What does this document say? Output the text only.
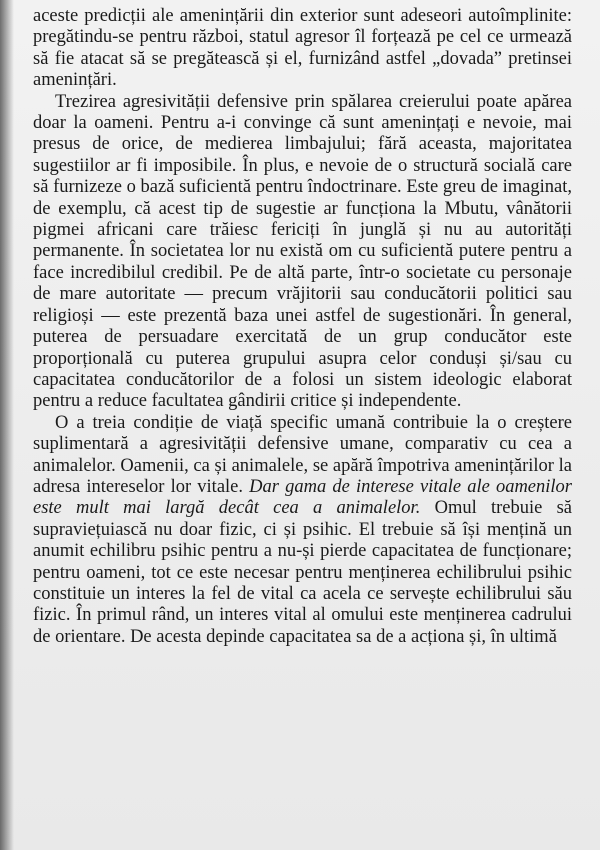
aceste predicții ale amenințării din exterior sunt adeseori autoîmplinite: pregătindu-se pentru război, statul agresor îl forțează pe cel ce urmează să fie atacat să se pregătească și el, furnizând astfel „dovada” pretinsei amenințări.

Trezirea agresivității defensive prin spălarea creierului poate apărea doar la oameni. Pentru a-i convinge că sunt amenințați e nevoie, mai presus de orice, de medierea limbajului; fără aceasta, majoritatea sugestiilor ar fi imposibile. În plus, e nevoie de o structură socială care să furnizeze o bază suficientă pentru îndoctrinare. Este greu de imaginat, de exemplu, că acest tip de sugestie ar funcționa la Mbutu, vânătorii pigmei africani care trăiesc fericiți în junglă și nu au autorități permanente. În societatea lor nu există om cu suficientă putere pentru a face incredibilul credibil. Pe de altă parte, într-o societate cu personaje de mare autoritate — precum vrăjitorii sau conducătorii politici sau religioși — este prezentă baza unei astfel de sugestionări. În general, puterea de persuadare exercitată de un grup conducător este proporțională cu puterea grupului asupra celor conduși și/sau cu capacitatea conducătorilor de a folosi un sistem ideologic elaborat pentru a reduce facultatea gândirii critice și independente.

O a treia condiție de viață specific umană contribuie la o creștere suplimentară a agresivității defensive umane, comparativ cu cea a animalelor. Oamenii, ca și animalele, se apără împotriva amenințărilor la adresa intereselor lor vitale. Dar gama de interese vitale ale oamenilor este mult mai largă decât cea a animalelor. Omul trebuie să supraviețuiască nu doar fizic, ci și psihic. El trebuie să își mențină un anumit echilibru psihic pentru a nu-și pierde capacitatea de funcționare; pentru oameni, tot ce este necesar pentru menținerea echilibrului psihic constituie un interes la fel de vital ca acela ce servește echilibrului său fizic. În primul rând, un interes vital al omului este menținerea cadrului de orientare. De acesta depinde capacitatea sa de a acționa și, în ultimă
